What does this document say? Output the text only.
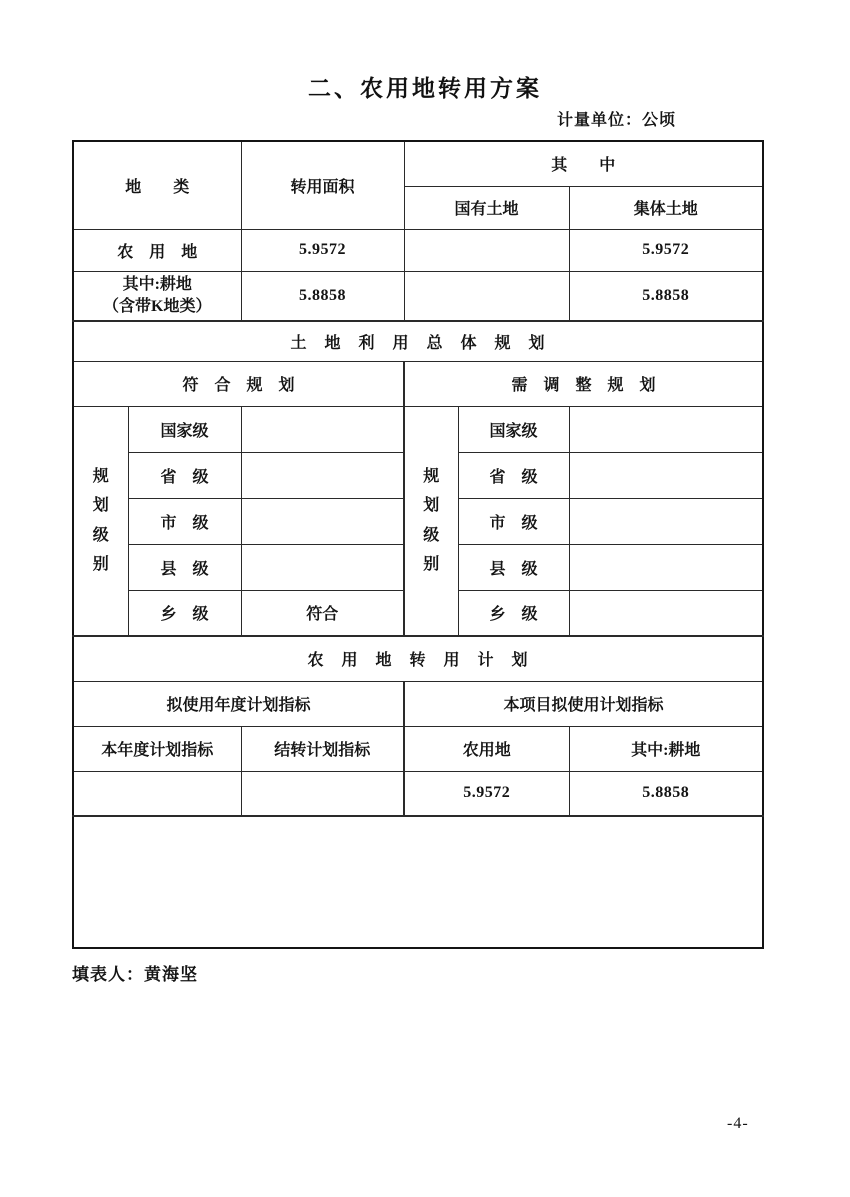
二、农用地转用方案
计量单位：公顷
地　　类		转用面积	其　　中		
			国有土地		集体土地
农　用　地		5.9572			5.9572

其中:耕地
（含带K地类）		5.8858			5.8858
土　地　利　用　总　体　规　划					
符　合　规　划			需　调　整　规　划		
规划级别	国家级		规划级别	国家级	
	省　级			省　级	
	市　级			市　级	
	县　级			县　级	
	乡　级	符合		乡　级	
农　用　地　转　用　计　划					
拟使用年度计划指标			本项目拟使用计划指标		
本年度计划指标		结转计划指标	农用地		其中:耕地
			5.9572		5.8858

填表人：黄海坚
-4-
